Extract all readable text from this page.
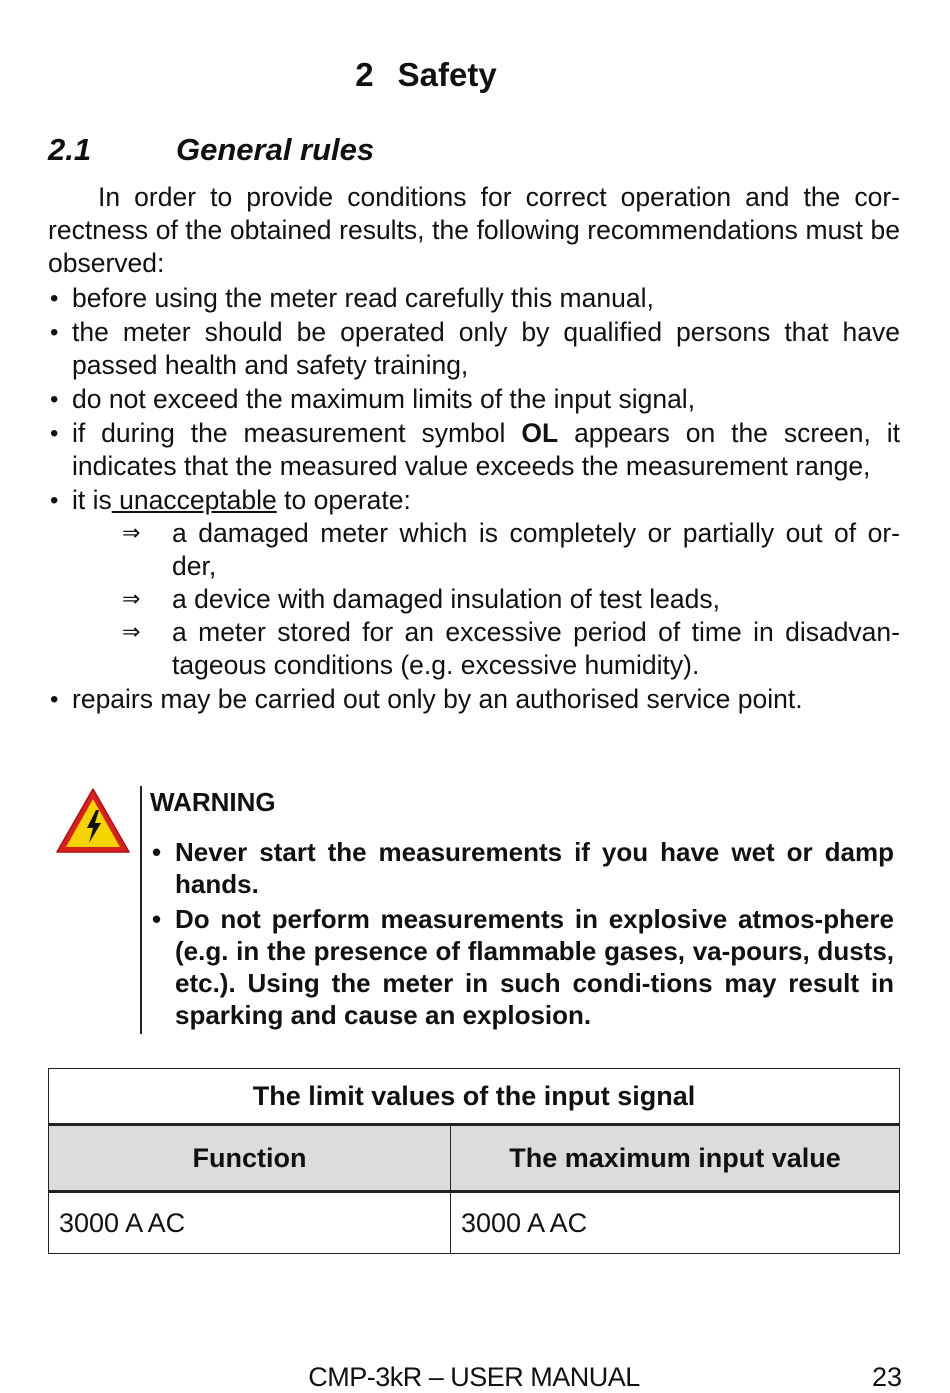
2 Safety
2.1	General rules

In order to provide conditions for correct operation and the cor-rectness of the obtained results, the following recommendations must be observed:

• before using the meter read carefully this manual,
• the meter should be operated only by qualified persons that have passed health and safety training,
• do not exceed the maximum limits of the input signal,
• if during the measurement symbol OL appears on the screen, it indicates that the measured value exceeds the measurement range,
• it is unacceptable to operate:
⇒ a damaged meter which is completely or partially out of or-der,
⇒ a device with damaged insulation of test leads,
⇒ a meter stored for an excessive period of time in disadvan-tageous conditions (e.g. excessive humidity).
• repairs may be carried out only by an authorised service point.

WARNING

• Never start the measurements if you have wet or damp hands.
• Do not perform measurements in explosive atmos-phere (e.g. in the presence of flammable gases, va-pours, dusts, etc.). Using the meter in such condi-tions may result in sparking and cause an explosion.
The limit values of the input signal	
Function	The maximum input value
3000 A AC	3000 A AC
CMP-3kR – USER MANUAL	23
